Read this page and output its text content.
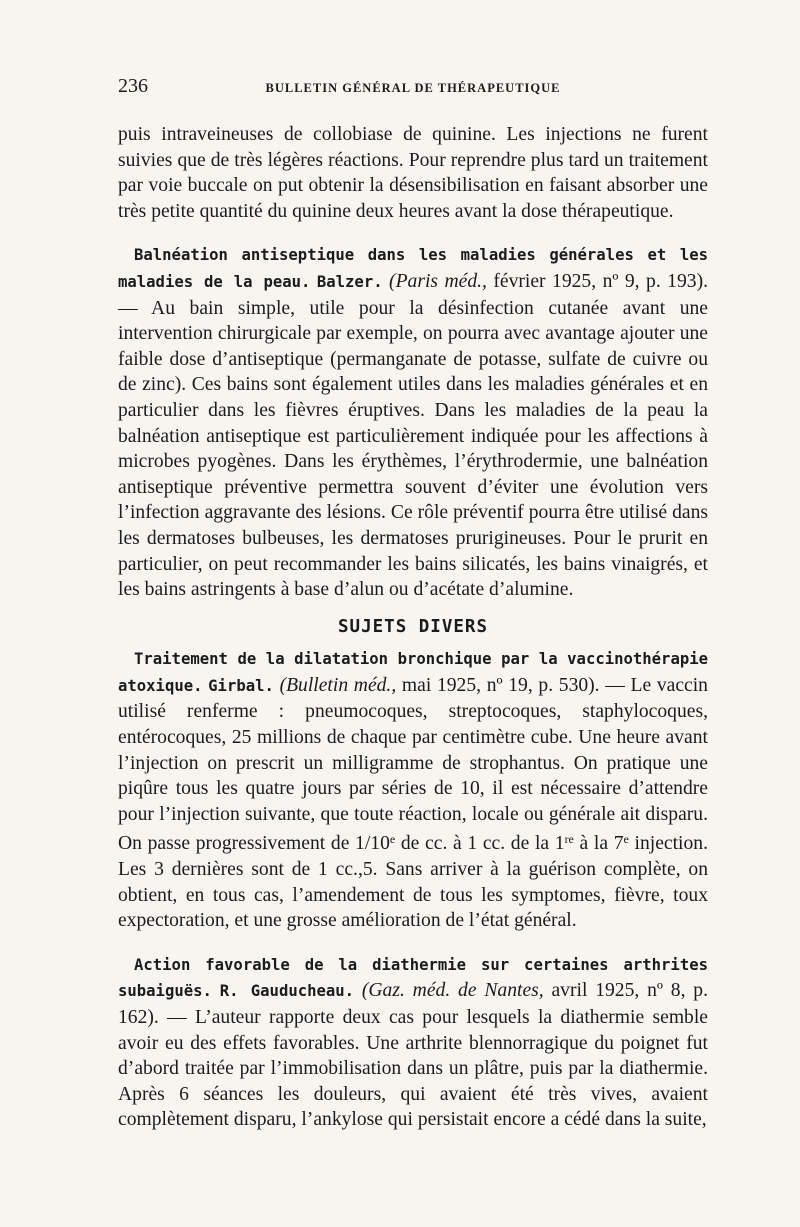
236	BULLETIN GÉNÉRAL DE THÉRAPEUTIQUE

puis intraveineuses de collobiase de quinine. Les injections ne furent suivies que de très légères réactions. Pour reprendre plus tard un traitement par voie buccale on put obtenir la désensibilisation en faisant absorber une très petite quantité du quinine deux heures avant la dose thérapeutique.

Balnéation antiseptique dans les maladies générales et les maladies de la peau. Balzer. (Paris méd., février 1925, nº 9, p. 193). — Au bain simple, utile pour la désinfection cutanée avant une intervention chirurgicale par exemple, on pourra avec avantage ajouter une faible dose d’antiseptique (permanganate de potasse, sulfate de cuivre ou de zinc). Ces bains sont également utiles dans les maladies générales et en particulier dans les fièvres éruptives. Dans les maladies de la peau la balnéation antiseptique est particulièrement indiquée pour les affections à microbes pyogènes. Dans les érythèmes, l’érythrodermie, une balnéation antiseptique préventive permettra souvent d’éviter une évolution vers l’infection aggravante des lésions. Ce rôle préventif pourra être utilisé dans les dermatoses bulbeuses, les dermatoses prurigineuses. Pour le prurit en particulier, on peut recommander les bains silicatés, les bains vinaigrés, et les bains astringents à base d’alun ou d’acétate d’alumine.

SUJETS DIVERS

Traitement de la dilatation bronchique par la vaccinothérapie atoxique. Girbal. (Bulletin méd., mai 1925, nº 19, p. 530). — Le vaccin utilisé renferme : pneumocoques, streptocoques, staphylocoques, entérocoques, 25 millions de chaque par centimètre cube. Une heure avant l’injection on prescrit un milligramme de strophantus. On pratique une piqûre tous les quatre jours par séries de 10, il est nécessaire d’attendre pour l’injection suivante, que toute réaction, locale ou générale ait disparu. On passe progressivement de 1/10e de cc. à 1 cc. de la 1re à la 7e injection. Les 3 dernières sont de 1 cc.,5. Sans arriver à la guérison complète, on obtient, en tous cas, l’amendement de tous les symptomes, fièvre, toux expectoration, et une grosse amélioration de l’état général.

Action favorable de la diathermie sur certaines arthrites subaiguës. R. Gauducheau. (Gaz. méd. de Nantes, avril 1925, nº 8, p. 162). — L’auteur rapporte deux cas pour lesquels la diathermie semble avoir eu des effets favorables. Une arthrite blennorragique du poignet fut d’abord traitée par l’immobilisation dans un plâtre, puis par la diathermie. Après 6 séances les douleurs, qui avaient été très vives, avaient complètement disparu, l’ankylose qui persistait encore a cédé dans la suite,
